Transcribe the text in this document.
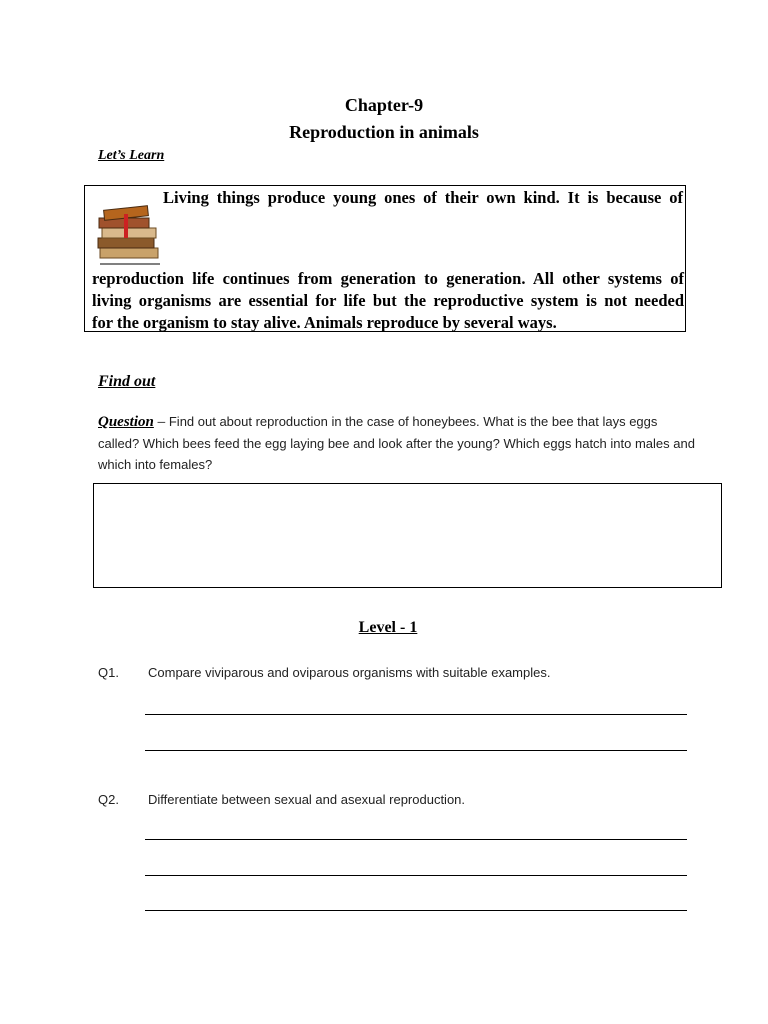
Chapter-9
Reproduction in animals
Let’s Learn
Living things produce young ones of their own kind. It is because of
reproduction life continues from generation to generation. All other systems of
living organisms are essential for life but the reproductive system is not needed
for the organism to stay alive. Animals reproduce by several ways.
Find out
Question – Find out about reproduction in the case of honeybees. What is the bee that lays eggs called? Which bees feed the egg laying bee and look after the young? Which eggs hatch into males and which into females?
Level - 1
Q1. Compare viviparous and oviparous organisms with suitable examples.
Q2. Differentiate between sexual and asexual reproduction.
